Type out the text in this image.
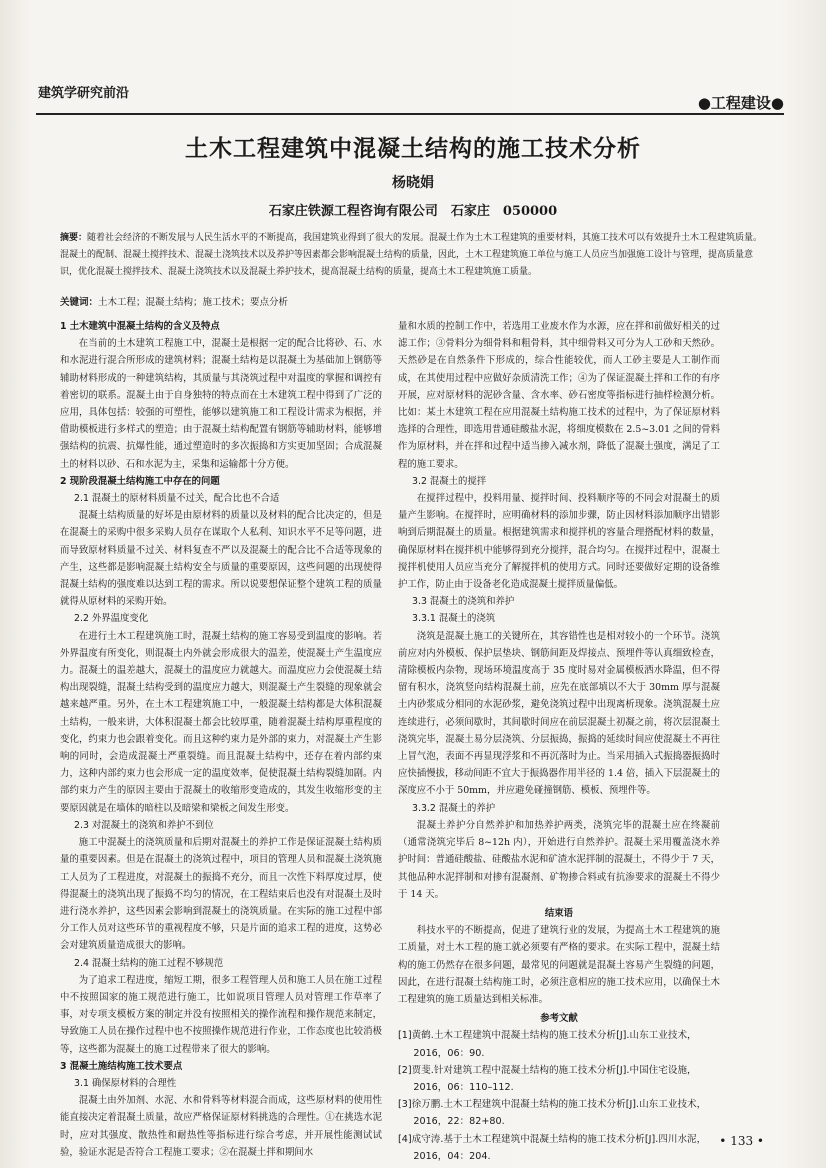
建筑学研究前沿
●工程建设●
土木工程建筑中混凝土结构的施工技术分析
杨晓娟
石家庄铁源工程咨询有限公司　石家庄　050000
摘要：随着社会经济的不断发展与人民生活水平的不断提高，我国建筑业得到了很大的发展。混凝土作为土木工程建筑的重要材料，其施工技术可以有效提升土木工程建筑质量。混凝土的配制、混凝土搅拌技术、混凝土浇筑技术以及养护等因素都会影响混凝土结构的质量，因此，土木工程建筑施工单位与施工人员应当加强施工设计与管理，提高质量意识，优化混凝土搅拌技术、混凝土浇筑技术以及混凝土养护技术，提高混凝土结构的质量，提高土木工程建筑施工质量。
关键词：土木工程；混凝土结构；施工技术；要点分析

1 土木建筑中混凝土结构的含义及特点

在当前的土木建筑工程施工中，混凝土是根据一定的配合比将砂、石、水和水泥进行混合所形成的建筑材料；混凝土结构是以混凝土为基础加上钢筋等辅助材料形成的一种建筑结构，其质量与其浇筑过程中对温度的掌握和调控有着密切的联系。混凝土由于自身独特的特点而在土木建筑工程中得到了广泛的应用，具体包括：较强的可塑性，能够以建筑施工和工程设计需求为根据，并借助模板进行多样式的塑造；由于混凝土结构配置有钢筋等辅助材料，能够增强结构的抗震、抗爆性能，通过塑造时的多次振捣和方实更加坚固；合成混凝土的材料以砂、石和水泥为主，采集和运输都十分方便。

2 现阶段混凝土结构施工中存在的问题

2.1 混凝土的原材料质量不过关，配合比也不合适

混凝土结构质量的好坏是由原材料的质量以及材料的配合比决定的，但是在混凝土的采购中很多采购人员存在谋取个人私利、知识水平不足等问题，进而导致原材料质量不过关、材料复查不严以及混凝土的配合比不合适等现象的产生，这些都是影响混凝土结构安全与质量的重要原因，这些问题的出现使得混凝土结构的强度难以达到工程的需求。所以说要想保证整个建筑工程的质量就得从原材料的采购开始。

2.2 外界温度变化

在进行土木工程建筑施工时，混凝土结构的施工容易受到温度的影响。若外界温度有所变化，则混凝土内外就会形成很大的温差，使混凝土产生温度应力。混凝土的温差越大，混凝土的温度应力就越大。而温度应力会使混凝土结构出现裂缝，混凝土结构受到的温度应力越大，则混凝土产生裂缝的现象就会越来越严重。另外，在土木工程建筑施工中，一般混凝土结构都是大体积混凝土结构，一般来讲，大体积混凝土都会比较厚重，随着混凝土结构厚重程度的变化，约束力也会跟着变化。而且这种约束力是外部的束力，对混凝土产生影响的同时，会造成混凝土严重裂缝。而且混凝土结构中，还存在着内部约束力，这种内部约束力也会形成一定的温度效率，促使混凝土结构裂缝加剧。内部约束力产生的原因主要由于混凝土的收缩形变造成的，其发生收缩形变的主要原因就是在墙体的暗柱以及暗梁和梁板之间发生形变。

2.3 对混凝土的浇筑和养护不到位

施工中混凝土的浇筑质量和后期对混凝土的养护工作是保证混凝土结构质量的重要因素。但是在混凝土的浇筑过程中，项目的管理人员和混凝土浇筑施工人员为了工程进度，对混凝土的振捣不充分，而且一次性下料厚度过厚，使得混凝土的浇筑出现了振捣不均匀的情况，在工程结束后也没有对混凝土及时进行浇水养护，这些因素会影响到混凝土的浇筑质量。在实际的施工过程中部分工作人员对这些环节的重视程度不够，只是片面的追求工程的进度，这势必会对建筑质量造成很大的影响。

2.4 混凝土结构的施工过程不够规范

为了追求工程进度，缩短工期，很多工程管理人员和施工人员在施工过程中不按照国家的施工规范进行施工，比如说项目管理人员对管理工作草率了事，对专项支模板方案的制定并没有按照相关的操作流程和操作规范来制定，导致施工人员在操作过程中也不按照操作规范进行作业，工作态度也比较消极等，这些都为混凝土的施工过程带来了很大的影响。

3 混凝土施结构施工技术要点

3.1 确保原材料的合理性

混凝土由外加剂、水泥、水和骨料等材料混合而成，这些原材料的使用性能直接决定着混凝土质量，故应严格保证原材料挑选的合理性。①在挑选水泥时，应对其强度、散热性和耐热性等指标进行综合考虑，并开展性能测试试验，验证水泥是否符合工程施工要求；②在混凝土拌和期间水

量和水质的控制工作中，若选用工业废水作为水源，应在拌和前做好相关的过滤工作；③骨料分为细骨料和粗骨料，其中细骨料又可分为人工砂和天然砂。天然砂是在自然条件下形成的，综合性能较优，而人工砂主要是人工制作而成，在其使用过程中应做好杂质清洗工作；④为了保证混凝土拌和工作的有序开展，应对原材料的泥砂含量、含水率、砂石密度等指标进行抽样检测分析。比如：某土木建筑工程在应用混凝土结构施工技术的过程中，为了保证原材料选择的合理性，即选用普通硅酸盐水泥，将细度模数在 2.5~3.01 之间的骨料作为原材料，并在拌和过程中适当掺入减水剂，降低了混凝土强度，满足了工程的施工要求。

3.2 混凝土的搅拌

在搅拌过程中，投料用量、搅拌时间、投料顺序等的不同会对混凝土的质量产生影响。在搅拌时，应明确材料的添加步骤，防止因材料添加顺序出错影响到后期混凝土的质量。根据建筑需求和搅拌机的容量合理搭配材料的数量，确保原材料在搅拌机中能够得到充分搅拌，混合均匀。在搅拌过程中，混凝土搅拌机使用人员应当充分了解搅拌机的使用方式。同时还要做好定期的设备维护工作，防止由于设备老化造成混凝土搅拌质量偏低。

3.3 混凝土的浇筑和养护

3.3.1 混凝土的浇筑

浇筑是混凝土施工的关键所在，其容错性也是相对较小的一个环节。浇筑前应对内外模板、保护层垫块、钢筋间距及焊接点、预埋件等认真细致检查，清除模板内杂物，现场环境温度高于 35 度时易对金属模板洒水降温，但不得留有积水，浇筑竖向结构混凝土前，应先在底部填以不大于 30mm 厚与混凝土内砂浆成分相同的水泥砂浆，避免浇筑过程中出现离析现象。浇筑混凝土应连续进行，必须间歇时，其间歇时间应在前层混凝土初凝之前，将次层混凝土浇筑完毕，混凝土易分层浇筑、分层振捣，振捣的延续时间应使混凝土不再往上冒气泡，表面不再显现浮浆和不再沉落时为止。当采用插入式振捣器振捣时应快插慢拔，移动间距不宜大于振捣器作用半径的 1.4 倍，插入下层混凝土的深度应不小于 50mm，并应避免碰撞钢筋、模板、预埋件等。

3.3.2 混凝土的养护

混凝土养护分自然养护和加热养护两类，浇筑完毕的混凝土应在终凝前（通常浇筑完毕后 8~12h 内），开始进行自然养护。混凝土采用覆盖浇水养护时间：普通硅酸盐、硅酸盐水泥和矿渣水泥拌制的混凝土，不得少于 7 天，其他品种水泥拌制和对掺有混凝剂、矿物掺合料或有抗渗要求的混凝土不得少于 14 天。

结束语

科技水平的不断提高，促进了建筑行业的发展，为提高土木工程建筑的施工质量，对土木工程的施工就必须要有严格的要求。在实际工程中，混凝土结构的施工仍然存在很多问题，最常见的问题就是混凝土容易产生裂缝的问题，因此，在进行混凝土结构施工时，必须注意相应的施工技术应用，以确保土木工程建筑的施工质量达到相关标准。

参考文献

[1]黄鹤.土木工程建筑中混凝土结构的施工技术分析[J].山东工业技术，2016，06：90.

[2]贾斐.针对建筑工程中混凝土结构的施工技术分析[J].中国住宅设施，2016，06：110–112.

[3]徐万鹏.土木工程建筑中混凝土结构的施工技术分析[J].山东工业技术，2016，22：82+80.

[4]成守涛.基于土木工程建筑中混凝土结构的施工技术分析[J].四川水泥，2016，04：204.

• 133 •
